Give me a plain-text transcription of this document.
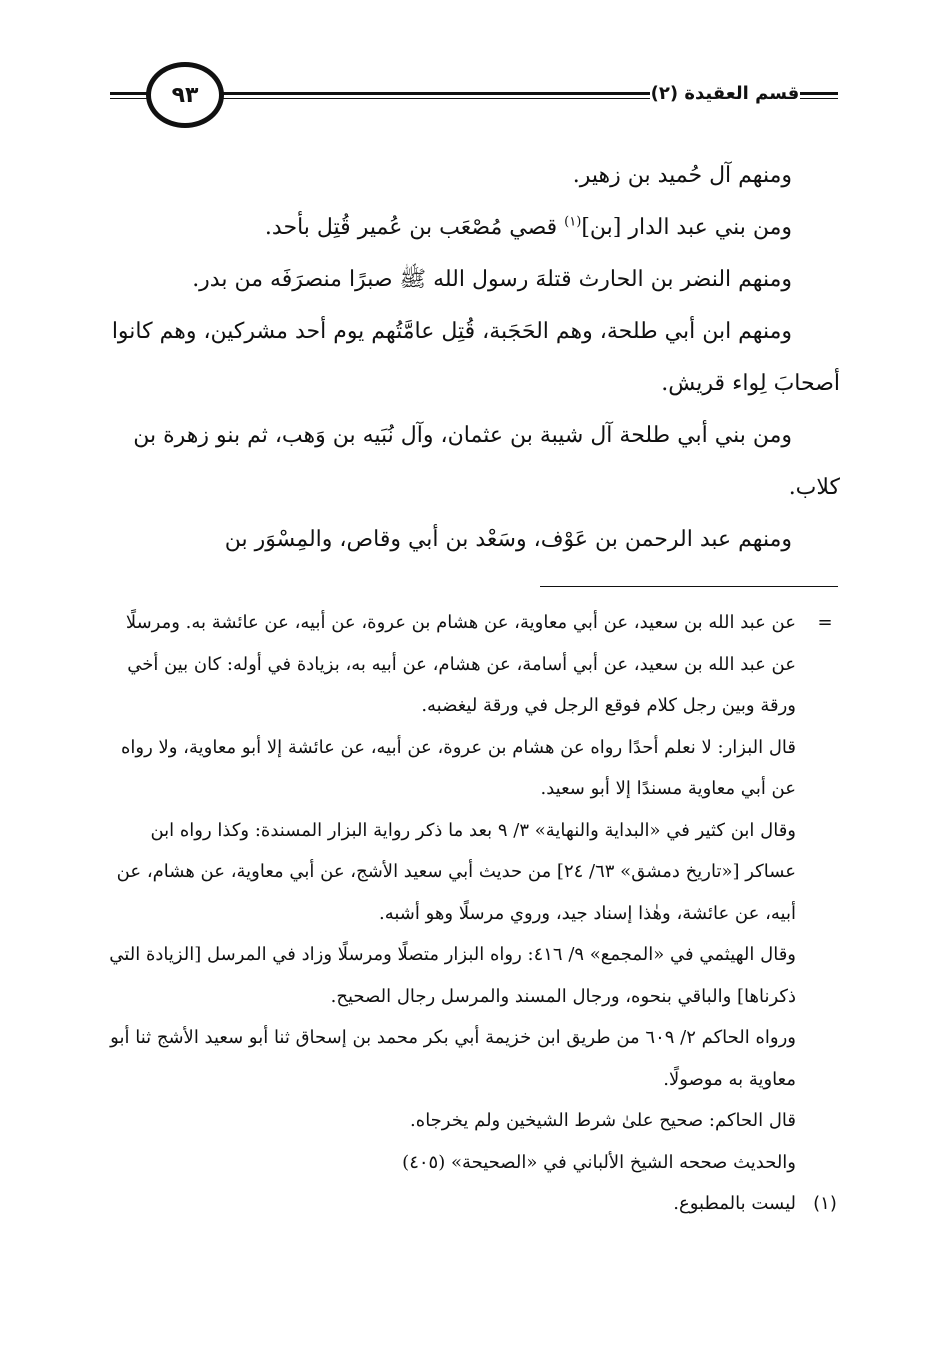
٩٣	قسم العقيدة (٢)

ومنهم آل حُميد بن زهير.

ومن بني عبد الدار [بن]$^{(١)}$ قصي مُصْعَب بن عُمير قُتِل بأحد.

ومنهم النضر بن الحارث قتلهَ رسول الله ﷺ صبرًا منصرَفَه من بدر.

ومنهم ابن أبي طلحة، وهم الحَجَبة، قُتِل عامَّتُهم يوم أحد مشركين، وهم كانوا أصحابَ لِواء قريش.

ومن بني أبي طلحة آل شيبة بن عثمان، وآل نُبَيه بن وَهب، ثم بنو زهرة بن كلاب.

ومنهم عبد الرحمن بن عَوْف، وسَعْد بن أبي وقاص، والمِسْوَر بن

=
عن عبد الله بن سعيد، عن أبي معاوية، عن هشام بن عروة، عن أبيه، عن عائشة به. ومرسلًا عن عبد الله بن سعيد، عن أبي أسامة، عن هشام، عن أبيه به، بزيادة في أوله: كان بين أخي ورقة وبين رجل كلام فوقع الرجل في ورقة ليغضبه.
قال البزار: لا نعلم أحدًا رواه عن هشام بن عروة، عن أبيه، عن عائشة إلا أبو معاوية، ولا رواه عن أبي معاوية مسندًا إلا أبو سعيد.
وقال ابن كثير في «البداية والنهاية» ٣/ ٩ بعد ما ذكر رواية البزار المسندة: وكذا رواه ابن عساكر [«تاريخ دمشق» ٦٣/ ٢٤] من حديث أبي سعيد الأشج، عن أبي معاوية، عن هشام، عن أبيه، عن عائشة، وهٰذا إسناد جيد، وروي مرسلًا وهو أشبه.
وقال الهيثمي في «المجمع» ٩/ ٤١٦: رواه البزار متصلًا ومرسلًا وزاد في المرسل [الزيادة التي ذكرناها] والباقي بنحوه، ورجال المسند والمرسل رجال الصحيح.
ورواه الحاكم ٢/ ٦٠٩ من طريق ابن خزيمة أبي بكر محمد بن إسحاق ثنا أبو سعيد الأشج ثنا أبو معاوية به موصولًا.
قال الحاكم: صحيح علىٰ شرط الشيخين ولم يخرجاه.
والحديث صححه الشيخ الألباني في «الصحيحة» (٤٠٥)
(١)
ليست بالمطبوع.
